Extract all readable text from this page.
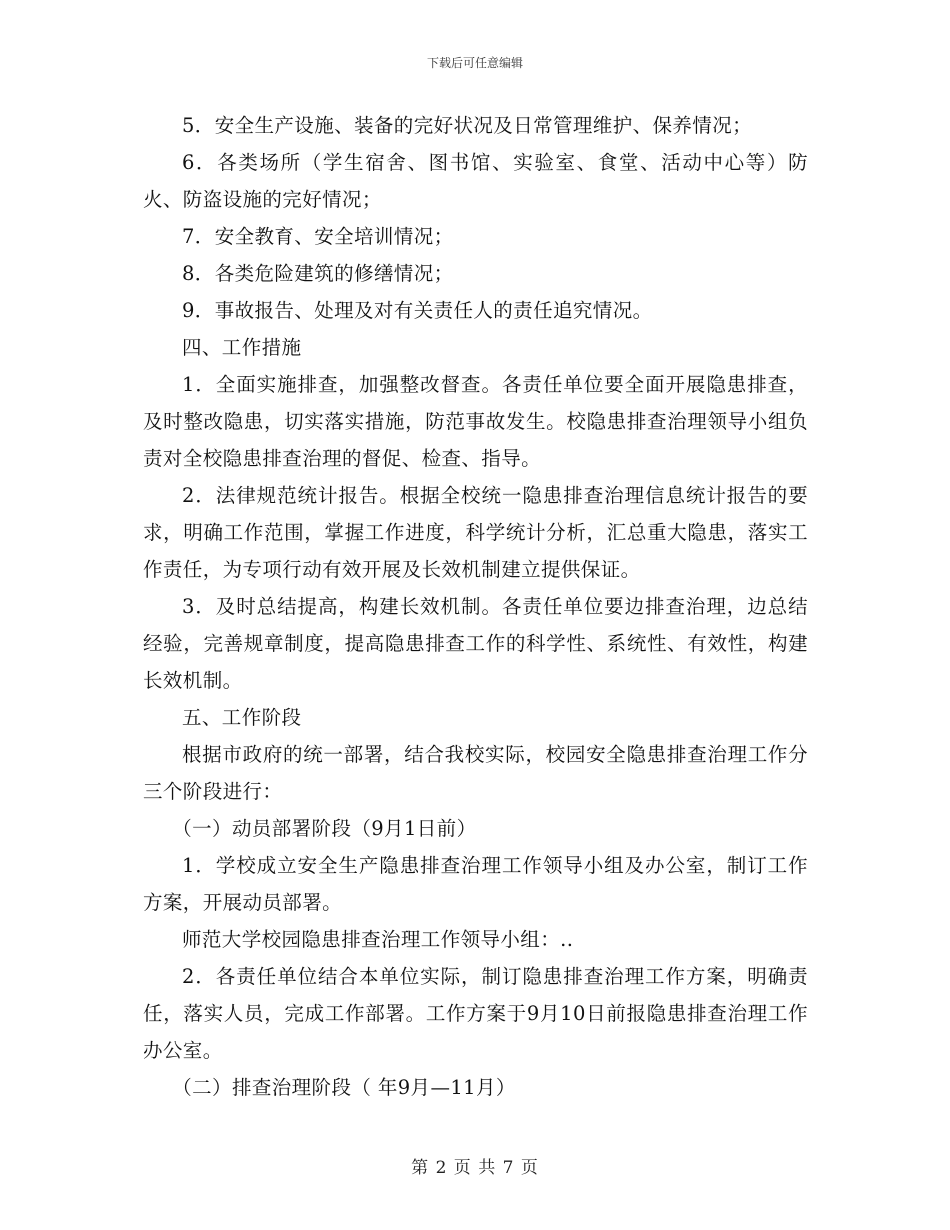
下载后可任意编辑

5．安全生产设施、装备的完好状况及日常管理维护、保养情况；

6．各类场所（学生宿舍、图书馆、实验室、食堂、活动中心等）防火、防盗设施的完好情况；

7．安全教育、安全培训情况；

8．各类危险建筑的修缮情况；

9．事故报告、处理及对有关责任人的责任追究情况。

四、工作措施

1．全面实施排查，加强整改督查。各责任单位要全面开展隐患排查，及时整改隐患，切实落实措施，防范事故发生。校隐患排查治理领导小组负责对全校隐患排查治理的督促、检查、指导。

2．法律规范统计报告。根据全校统一隐患排查治理信息统计报告的要求，明确工作范围，掌握工作进度，科学统计分析，汇总重大隐患，落实工作责任，为专项行动有效开展及长效机制建立提供保证。

3．及时总结提高，构建长效机制。各责任单位要边排查治理，边总结经验，完善规章制度，提高隐患排查工作的科学性、系统性、有效性，构建长效机制。

五、工作阶段

根据市政府的统一部署，结合我校实际，校园安全隐患排查治理工作分三个阶段进行：

（一）动员部署阶段（9月1日前）

1．学校成立安全生产隐患排查治理工作领导小组及办公室，制订工作方案，开展动员部署。

师范大学校园隐患排查治理工作领导小组：..

2．各责任单位结合本单位实际，制订隐患排查治理工作方案，明确责任，落实人员，完成工作部署。工作方案于9月10日前报隐患排查治理工作办公室。

（二）排查治理阶段（ 年9月—11月）

第 2 页 共 7 页
